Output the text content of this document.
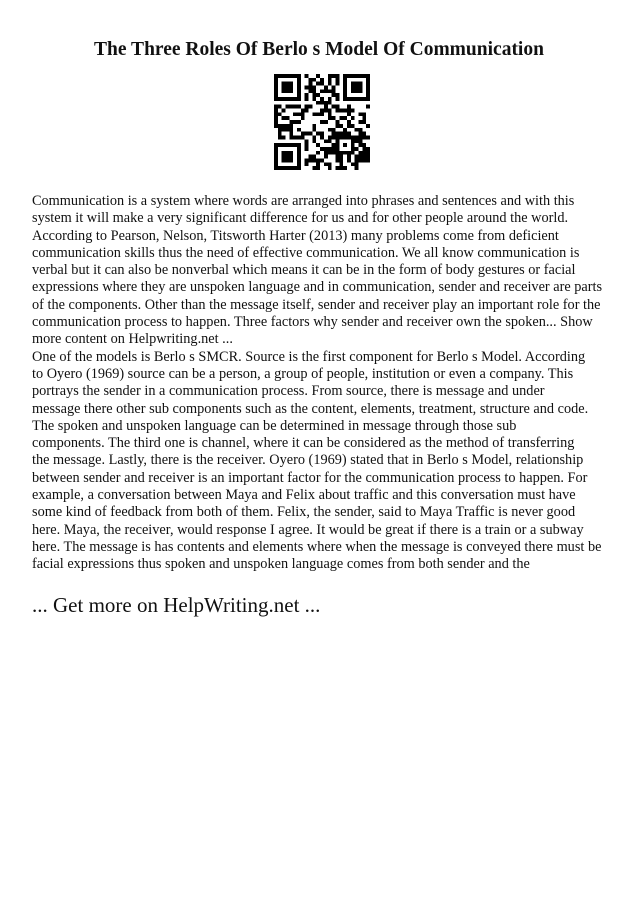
The Three Roles Of Berlo s Model Of Communication
Communication is a system where words are arranged into phrases and sentences and with this
system it will make a very significant difference for us and for other people around the world.
According to Pearson, Nelson, Titsworth Harter (2013) many problems come from deficient
communication skills thus the need of effective communication. We all know communication is
verbal but it can also be nonverbal which means it can be in the form of body gestures or facial
expressions where they are unspoken language and in communication, sender and receiver are parts
of the components. Other than the message itself, sender and receiver play an important role for the
communication process to happen. Three factors why sender and receiver own the spoken... Show
more content on Helpwriting.net ...
One of the models is Berlo s SMCR. Source is the first component for Berlo s Model. According
to Oyero (1969) source can be a person, a group of people, institution or even a company. This
portrays the sender in a communication process. From source, there is message and under
message there other sub components such as the content, elements, treatment, structure and code.
The spoken and unspoken language can be determined in message through those sub
components. The third one is channel, where it can be considered as the method of transferring
the message. Lastly, there is the receiver. Oyero (1969) stated that in Berlo s Model, relationship
between sender and receiver is an important factor for the communication process to happen. For
example, a conversation between Maya and Felix about traffic and this conversation must have
some kind of feedback from both of them. Felix, the sender, said to Maya Traffic is never good
here. Maya, the receiver, would response I agree. It would be great if there is a train or a subway
here. The message is has contents and elements where when the message is conveyed there must be
facial expressions thus spoken and unspoken language comes from both sender and the

... Get more on HelpWriting.net ...
